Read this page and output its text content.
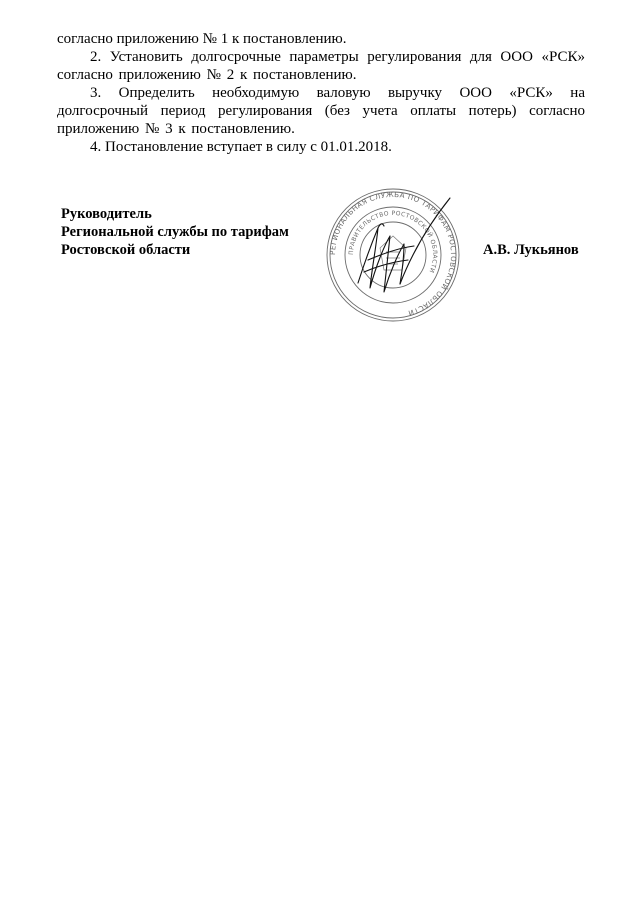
согласно приложению № 1 к постановлению.

2. Установить долгосрочные параметры регулирования для ООО «РСК» согласно приложению № 2 к постановлению.

3. Определить необходимую валовую выручку ООО «РСК» на долгосрочный период регулирования (без учета оплаты потерь) согласно приложению № 3 к постановлению.

4. Постановление вступает в силу с 01.01.2018.

Руководитель
Региональной службы по тарифам
Ростовской области	РЕГИОНАЛЬНАЯ СЛУЖБА ПО ТАРИФАМ РОСТОВСКОЙ ОБЛАСТИ
ПРАВИТЕЛЬСТВО РОСТОВСКОЙ ОБЛАСТИ
А.В. Лукьянов
